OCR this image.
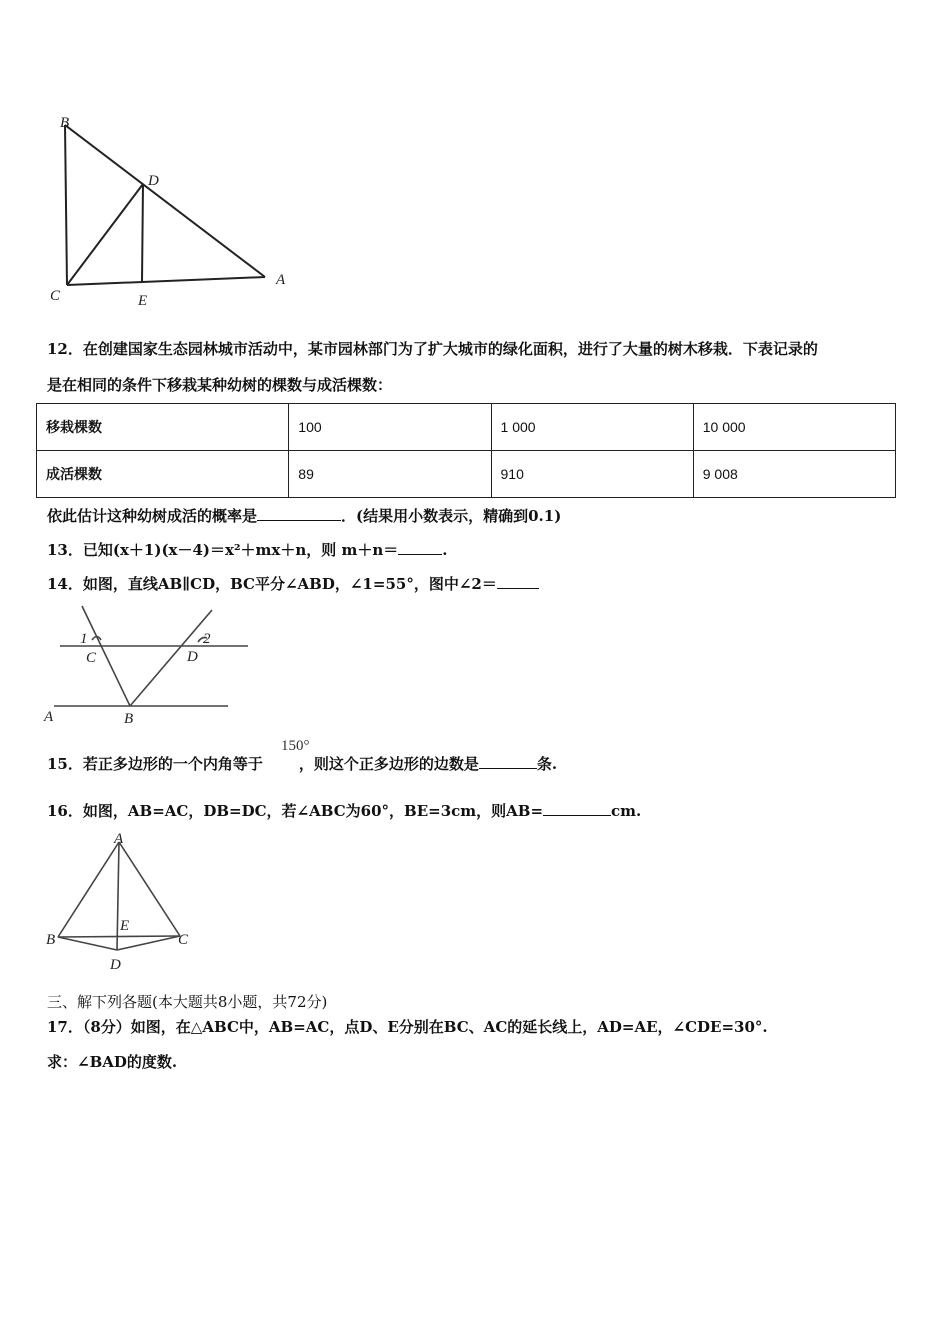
B
D
C	E
A
12．在创建国家生态园林城市活动中，某市园林部门为了扩大城市的绿化面积，进行了大量的树木移栽．下表记录的
是在相同的条件下移栽某种幼树的棵数与成活棵数：
移栽棵数	100	1 000	10 000
成活棵数	89	910	9 008
依此估计这种幼树成活的概率是	．(结果用小数表示，精确到0.1)
13．已知(x＋1)(x－4)＝x²＋mx＋n，则 m＋n＝	.
14．如图，直线AB∥CD，BC平分∠ABD，∠1=55°，图中∠2＝
1	2
C	D
A	B
150°
15．若正多边形的一个内角等于 ，则这个正多边形的边数是	条.
16．如图，AB=AC，DB=DC，若∠ABC为60°，BE=3cm，则AB=	cm.
A
B	C
D
E
三、解下列各题(本大题共8小题，共72分)
17．（8分）如图，在△ABC中，AB=AC，点D、E分别在BC、AC的延长线上，AD=AE，∠CDE=30°.
求：∠BAD的度数.
